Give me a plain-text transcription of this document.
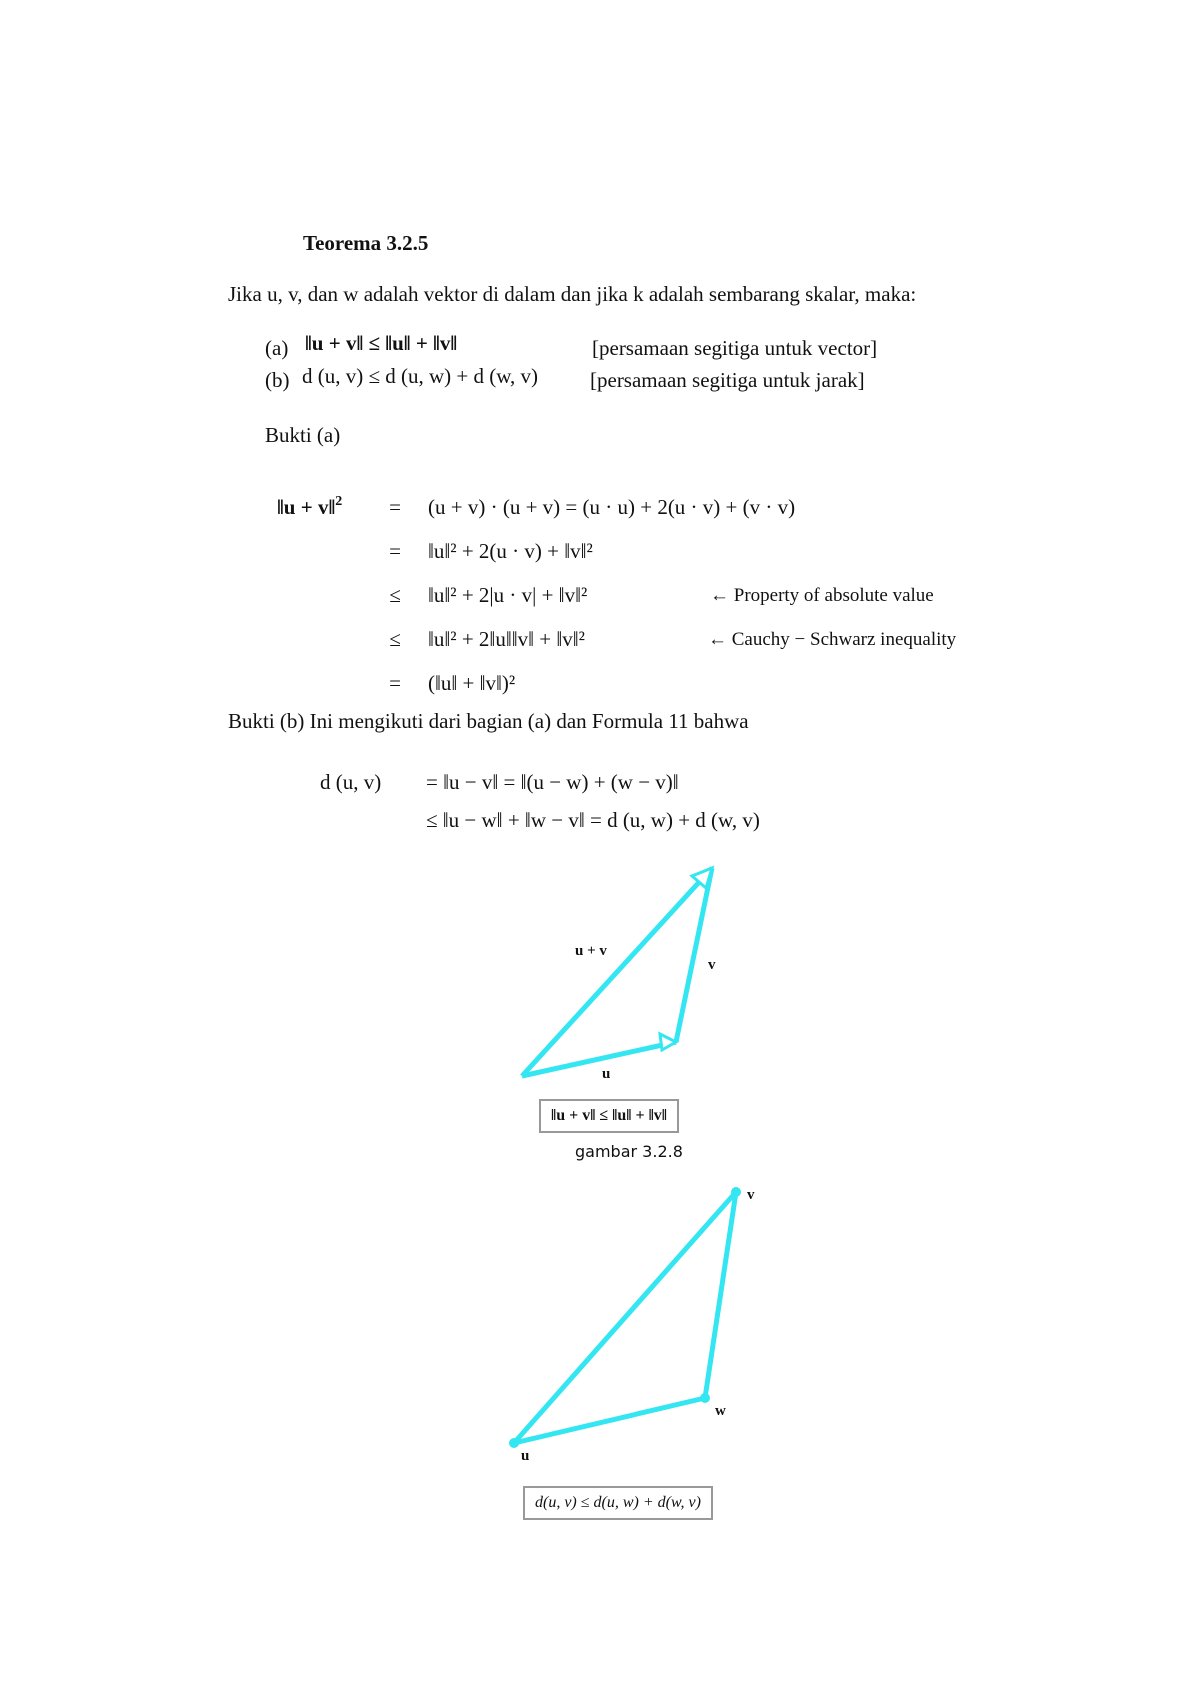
Teorema 3.2.5
Jika u, v, dan w adalah vektor di dalam dan jika k adalah sembarang skalar, maka:
(a) ‖u + v‖ ≤ ‖u‖ + ‖v‖	[persamaan segitiga untuk vector]
(b) d (u, v) ≤ d (u, w) + d (w, v) [persamaan segitiga untuk jarak]
Bukti (a)
‖u + v‖$^2$	=	(u + v) · (u + v) = (u · u) + 2(u · v) + (v · v)
=	‖u‖² + 2(u · v) + ‖v‖²
≤	‖u‖² + 2|u · v| + ‖v‖²	← Property of absolute value
≤	‖u‖² + 2‖u‖‖v‖ + ‖v‖²	← Cauchy − Schwarz inequality
=	(‖u‖ + ‖v‖)²
Bukti (b) Ini mengikuti dari bagian (a) dan Formula 11 bahwa
d (u, v) = ‖u − v‖ = ‖(u − w) + (w − v)‖
≤ ‖u − w‖ + ‖w − v‖ = d (u, w) + d (w, v)
u + v
v
u
‖u + v‖ ≤ ‖u‖ + ‖v‖
gambar 3.2.8
v
w
u
d(u, v) ≤ d(u, w) + d(w, v)
